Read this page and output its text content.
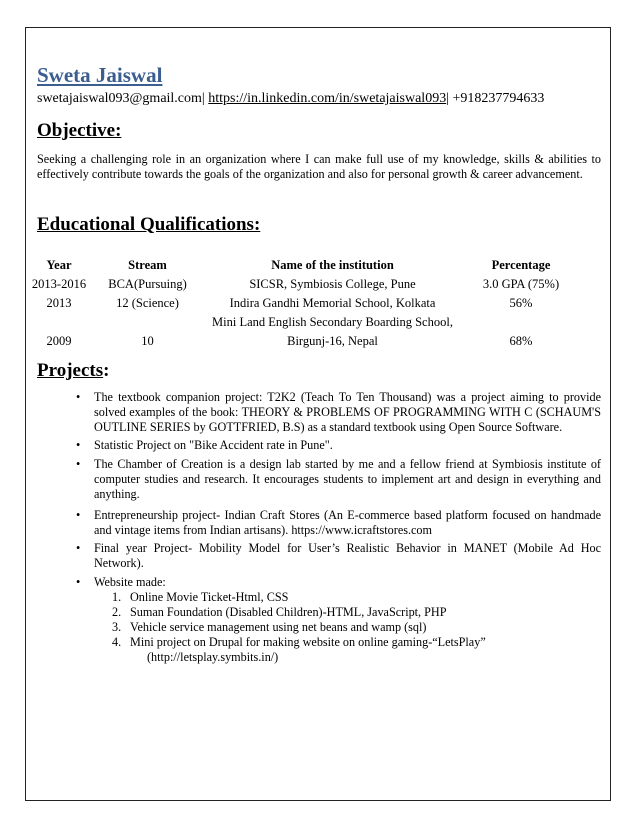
Sweta Jaiswal
swetajaiswal093@gmail.com| https://in.linkedin.com/in/swetajaiswal093| +918237794633
Objective:

Seeking a challenging role in an organization where I can make full use of my knowledge, skills & abilities to effectively contribute towards the goals of the organization and also for personal growth & career advancement.

Educational Qualifications:
Year	Stream	Name of the institution	Percentage
2013-2016	BCA(Pursuing)	SICSR, Symbiosis College, Pune	3.0 GPA (75%)
2013	12 (Science)	Indira Gandhi Memorial School, Kolkata	56%
		Mini Land English Secondary Boarding School,	
2009	10	Birgunj-16, Nepal	68%
Projects:
• The textbook companion project: T2K2 (Teach To Ten Thousand) was a project aiming to provide solved examples of the book: THEORY & PROBLEMS OF PROGRAMMING WITH C (SCHAUM'S OUTLINE SERIES by GOTTFRIED, B.S) as a standard textbook using Open Source Software.
• Statistic Project on "Bike Accident rate in Pune".
• The Chamber of Creation is a design lab started by me and a fellow friend at Symbiosis institute of computer studies and research. It encourages students to implement art and design in everything and anything.
• Entrepreneurship project- Indian Craft Stores (An E-commerce based platform focused on handmade and vintage items from Indian artisans). https://www.icraftstores.com
• Final year Project- Mobility Model for User’s Realistic Behavior in MANET (Mobile Ad Hoc Network).
• Website made:
1. Online Movie Ticket-Html, CSS
2. Suman Foundation (Disabled Children)-HTML, JavaScript, PHP
3. Vehicle service management using net beans and wamp (sql)
4. Mini project on Drupal for making website on online gaming-“LetsPlay”
(http://letsplay.symbits.in/)
